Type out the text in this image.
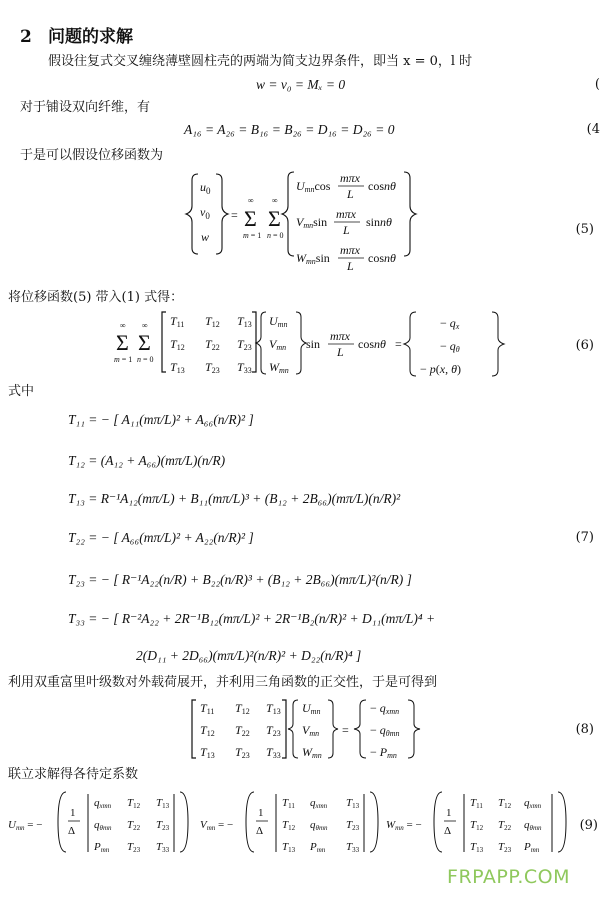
2 问题的求解
假设往复式交叉缠绕薄壁圆柱壳的两端为简支边界条件，即当 x = 0，l 时
w = v₀ = Mₓ = 0	(
对于铺设双向纤维，有
A₁₆ = A₂₆ = B₁₆ = B₂₆ = D₁₆ = D₂₆ = 0	(4
于是可以假设位移函数为
$u_0$
$v_0$
w
= Σ
∞
m = 1
Σ
∞
n = 0
Umncos
mπx
L
cosnθ
Vmnsin
mπx
L
sinnθ
Wmnsin
mπx
L
cosnθ
(5)
将位移函数(5) 带入(1) 式得：
Σ
∞
m = 1
Σ
∞
n = 0
T11 T12 T13
T12 T22 T23
T13 T23 T33
Umn
Vmn
Wmn
sin
mπx
L
cosnθ =
− qx
− qθ
− p(x, θ)
(6)
式中
T₁₁ = − [ A₁₁(mπ/L)² + A₆₆(n/R)² ]
T₁₂ = (A₁₂ + A₆₆)(mπ/L)(n/R)
T₁₃ = R⁻¹A₁₂(mπ/L) + B₁₁(mπ/L)³ + (B₁₂ + 2B₆₆)(mπ/L)(n/R)²
T₂₂ = − [ A₆₆(mπ/L)² + A₂₂(n/R)² ]
T₂₃ = − [ R⁻¹A₂₂(n/R) + B₂₂(n/R)³ + (B₁₂ + 2B₆₆)(mπ/L)²(n/R) ]
T₃₃ = − [ R⁻²A₂₂ + 2R⁻¹B₁₂(mπ/L)² + 2R⁻¹B₂(n/R)² + D₁₁(mπ/L)⁴ +
2(D₁₁ + 2D₆₆)(mπ/L)²(n/R)² + D₂₂(n/R)⁴ ]
(7)
利用双重富里叶级数对外载荷展开，并利用三角函数的正交性，于是可得到
T11 T12 T13
T12 T22 T23
T13 T23 T33
Umn
Vmn
Wmn
=
− qxmn
− qθmn
− Pmn
(8)
联立求解得各待定系数
Umn = −
1
Δ
qxmn T12 T13
qθmn T22 T23
Pmn T23 T33
Vmn = −
1
Δ
T11 qxmn T13
T12 qθmn T23
T13 Pmn T33
Wmn = −
1
Δ
T11 T12 qxmn
T12 T22 qθmn
T13 T23 Pmn
(9)
FRPAPP.COM
